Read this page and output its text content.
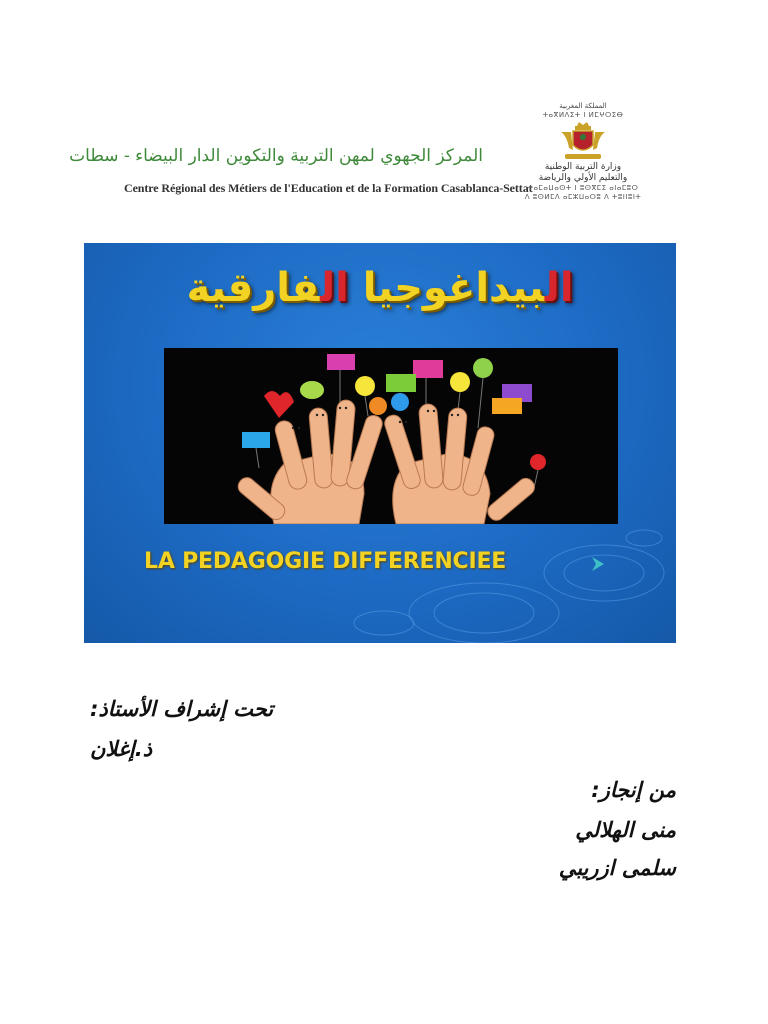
المركز الجهوي لمهن التربية والتكوين الدار البيضاء - سطات
Centre Régional des Métiers de l'Education et de la Formation Casablanca-Settat
المملكة المغربية
ⵜⴰⴳⵍⴷⵉⵜ ⵏ ⵍⵎⵖⵔⵉⴱ
وزارة التربية الوطنية
والتعليم الأولي والرياضة
ⵜⴰⵎⴰⵡⴰⵙⵜ ⵏ ⵓⵙⴳⵎⵉ ⴰⵏⴰⵎⵓⵔ
ⴷ ⵓⵙⵍⵎⴷ ⴰⵎⵣⵡⴰⵔⵓ ⴷ ⵜⵓⵏⵏⵓⵏⵜ
البيداغوجيا الفارقية
LA PEDAGOGIE DIFFERENCIEE
تحت إشراف الأستاذ:
ذ.إغلان
من إنجاز:
منى الهلالي
سلمى ازريبي
